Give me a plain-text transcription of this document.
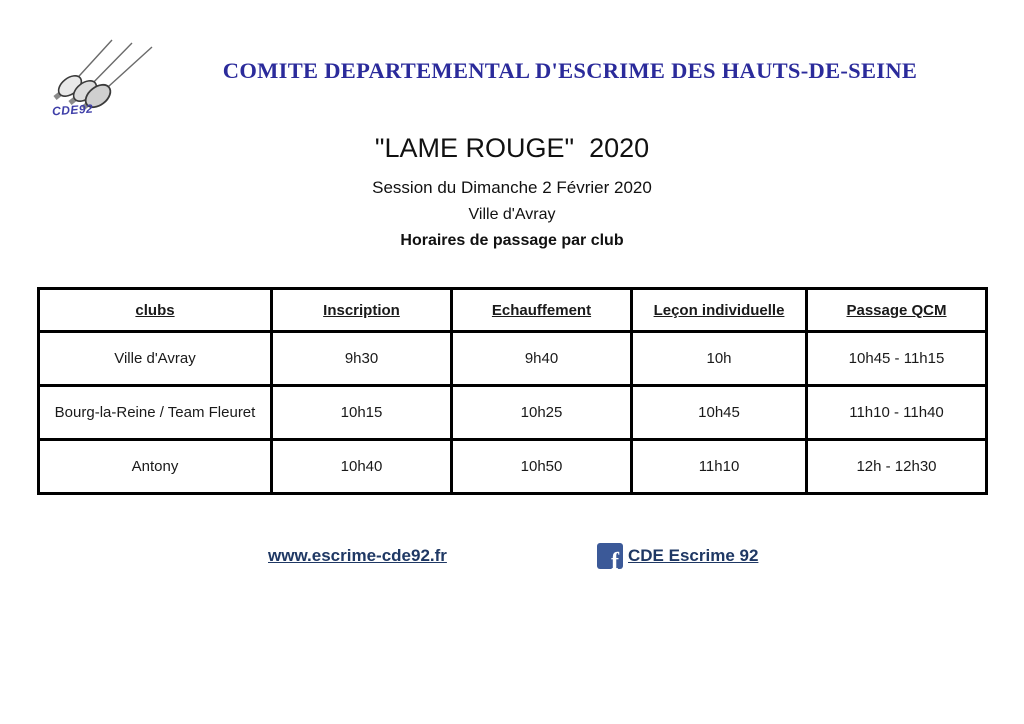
CDE92
COMITE DEPARTEMENTAL D'ESCRIME DES HAUTS-DE-SEINE
"LAME ROUGE"  2020
Session du Dimanche 2 Février 2020
Ville d'Avray
Horaires de passage par club
clubs	Inscription	Echauffement	Leçon individuelle	Passage QCM
Ville d'Avray	9h30	9h40	10h	10h45 - 11h15
Bourg-la-Reine / Team Fleuret	10h15	10h25	10h45	11h10 - 11h40
Antony	10h40	10h50	11h10	12h - 12h30
www.escrime-cde92.fr	f CDE Escrime 92
